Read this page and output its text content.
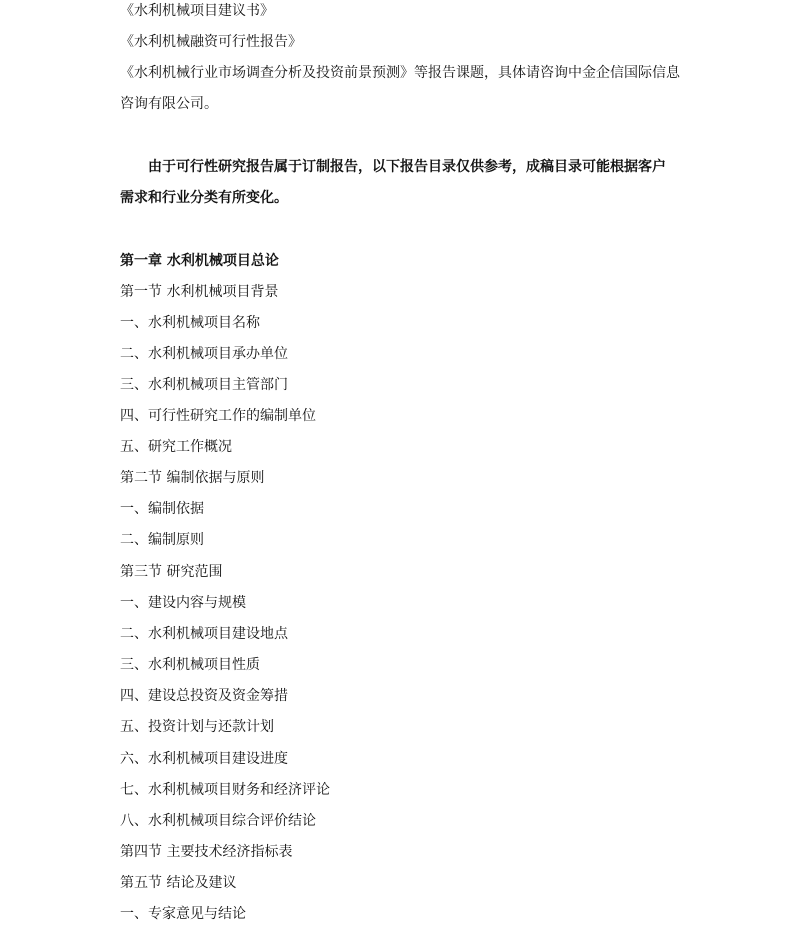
《水利机械项目建议书》
《水利机械融资可行性报告》
《水利机械行业市场调查分析及投资前景预测》等报告课题，具体请咨询中金企信国际信息
咨询有限公司。
由于可行性研究报告属于订制报告，以下报告目录仅供参考，成稿目录可能根据客户
需求和行业分类有所变化。
第一章 水利机械项目总论
第一节 水利机械项目背景
一、水利机械项目名称
二、水利机械项目承办单位
三、水利机械项目主管部门
四、可行性研究工作的编制单位
五、研究工作概况
第二节 编制依据与原则
一、编制依据
二、编制原则
第三节 研究范围
一、建设内容与规模
二、水利机械项目建设地点
三、水利机械项目性质
四、建设总投资及资金筹措
五、投资计划与还款计划
六、水利机械项目建设进度
七、水利机械项目财务和经济评论
八、水利机械项目综合评价结论
第四节 主要技术经济指标表
第五节 结论及建议
一、专家意见与结论
